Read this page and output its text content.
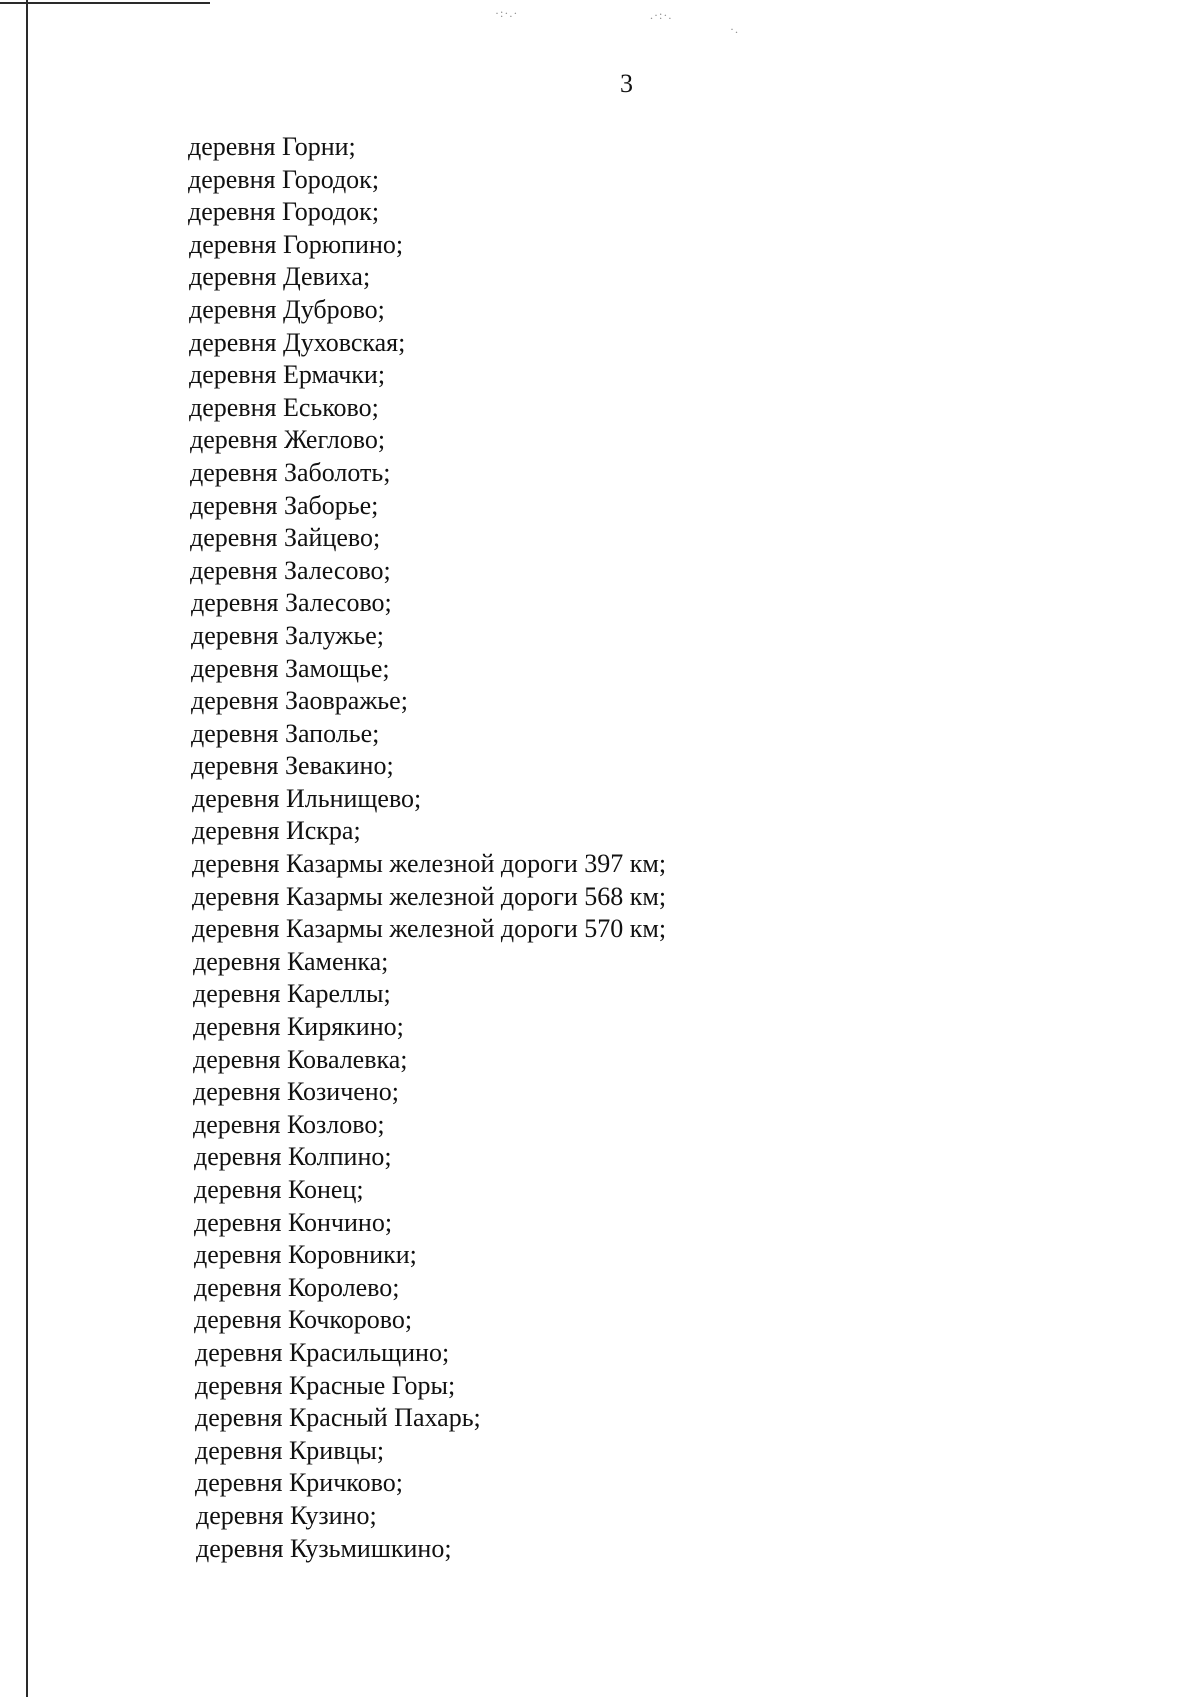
·:·.·	.·:·.
·.
3
деревня Горни;
деревня Городок;
деревня Городок;
деревня Горюпино;
деревня Девиха;
деревня Дуброво;
деревня Духовская;
деревня Ермачки;
деревня Еськово;
деревня Жеглово;
деревня Заболоть;
деревня Заборье;
деревня Зайцево;
деревня Залесово;
деревня Залесово;
деревня Залужье;
деревня Замощье;
деревня Заовражье;
деревня Заполье;
деревня Зевакино;
деревня Ильнищево;
деревня Искра;
деревня Казармы железной дороги 397 км;
деревня Казармы железной дороги 568 км;
деревня Казармы железной дороги 570 км;
деревня Каменка;
деревня Кареллы;
деревня Кирякино;
деревня Ковалевка;
деревня Козичено;
деревня Козлово;
деревня Колпино;
деревня Конец;
деревня Кончино;
деревня Коровники;
деревня Королево;
деревня Кочкорово;
деревня Красильщино;
деревня Красные Горы;
деревня Красный Пахарь;
деревня Кривцы;
деревня Кричково;
деревня Кузино;
деревня Кузьмишкино;
